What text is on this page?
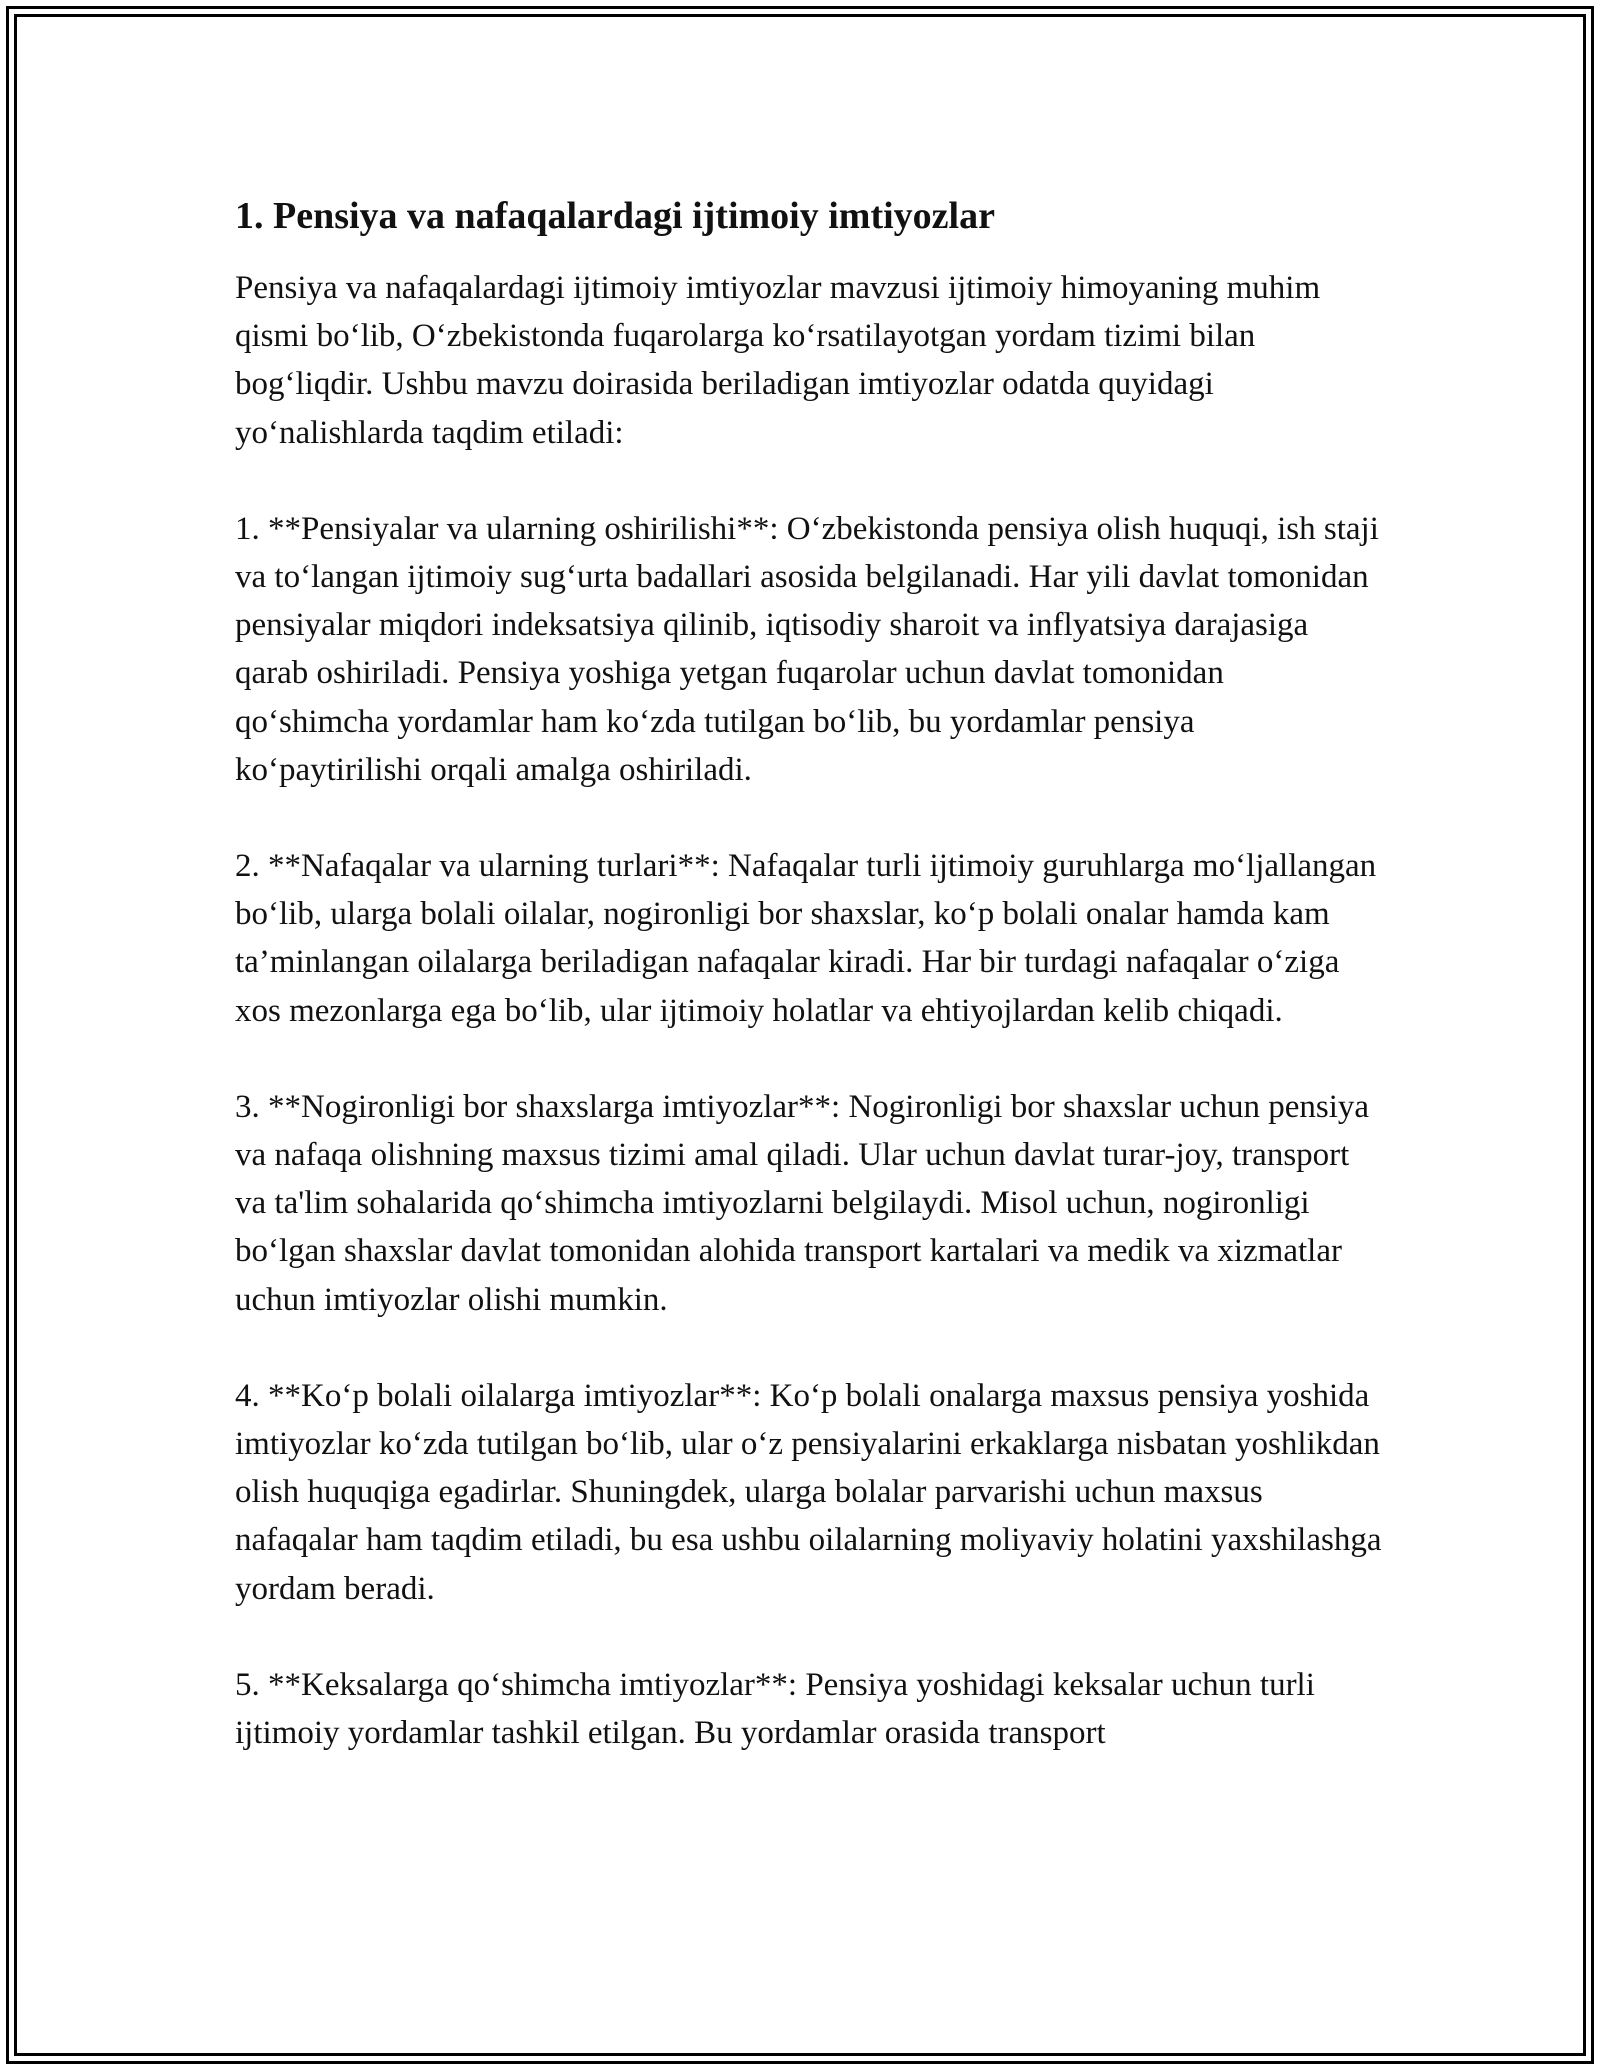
1. Pensiya va nafaqalardagi ijtimoiy imtiyozlar

Pensiya va nafaqalardagi ijtimoiy imtiyozlar mavzusi ijtimoiy himoyaning muhim qismi bo‘lib, O‘zbekistonda fuqarolarga ko‘rsatilayotgan yordam tizimi bilan bog‘liqdir. Ushbu mavzu doirasida beriladigan imtiyozlar odatda quyidagi yo‘nalishlarda taqdim etiladi:

1. **Pensiyalar va ularning oshirilishi**: O‘zbekistonda pensiya olish huquqi, ish staji va to‘langan ijtimoiy sug‘urta badallari asosida belgilanadi. Har yili davlat tomonidan pensiyalar miqdori indeksatsiya qilinib, iqtisodiy sharoit va inflyatsiya darajasiga qarab oshiriladi. Pensiya yoshiga yetgan fuqarolar uchun davlat tomonidan qo‘shimcha yordamlar ham ko‘zda tutilgan bo‘lib, bu yordamlar pensiya ko‘paytirilishi orqali amalga oshiriladi.

2. **Nafaqalar va ularning turlari**: Nafaqalar turli ijtimoiy guruhlarga mo‘ljallangan bo‘lib, ularga bolali oilalar, nogironligi bor shaxslar, ko‘p bolali onalar hamda kam ta’minlangan oilalarga beriladigan nafaqalar kiradi. Har bir turdagi nafaqalar o‘ziga xos mezonlarga ega bo‘lib, ular ijtimoiy holatlar va ehtiyojlardan kelib chiqadi.

3. **Nogironligi bor shaxslarga imtiyozlar**: Nogironligi bor shaxslar uchun pensiya va nafaqa olishning maxsus tizimi amal qiladi. Ular uchun davlat turar-joy, transport va ta'lim sohalarida qo‘shimcha imtiyozlarni belgilaydi. Misol uchun, nogironligi bo‘lgan shaxslar davlat tomonidan alohida transport kartalari va medik va xizmatlar uchun imtiyozlar olishi mumkin.

4. **Ko‘p bolali oilalarga imtiyozlar**: Ko‘p bolali onalarga maxsus pensiya yoshida imtiyozlar ko‘zda tutilgan bo‘lib, ular o‘z pensiyalarini erkaklarga nisbatan yoshlikdan olish huquqiga egadirlar. Shuningdek, ularga bolalar parvarishi uchun maxsus nafaqalar ham taqdim etiladi, bu esa ushbu oilalarning moliyaviy holatini yaxshilashga yordam beradi.

5. **Keksalarga qo‘shimcha imtiyozlar**: Pensiya yoshidagi keksalar uchun turli ijtimoiy yordamlar tashkil etilgan. Bu yordamlar orasida transport
